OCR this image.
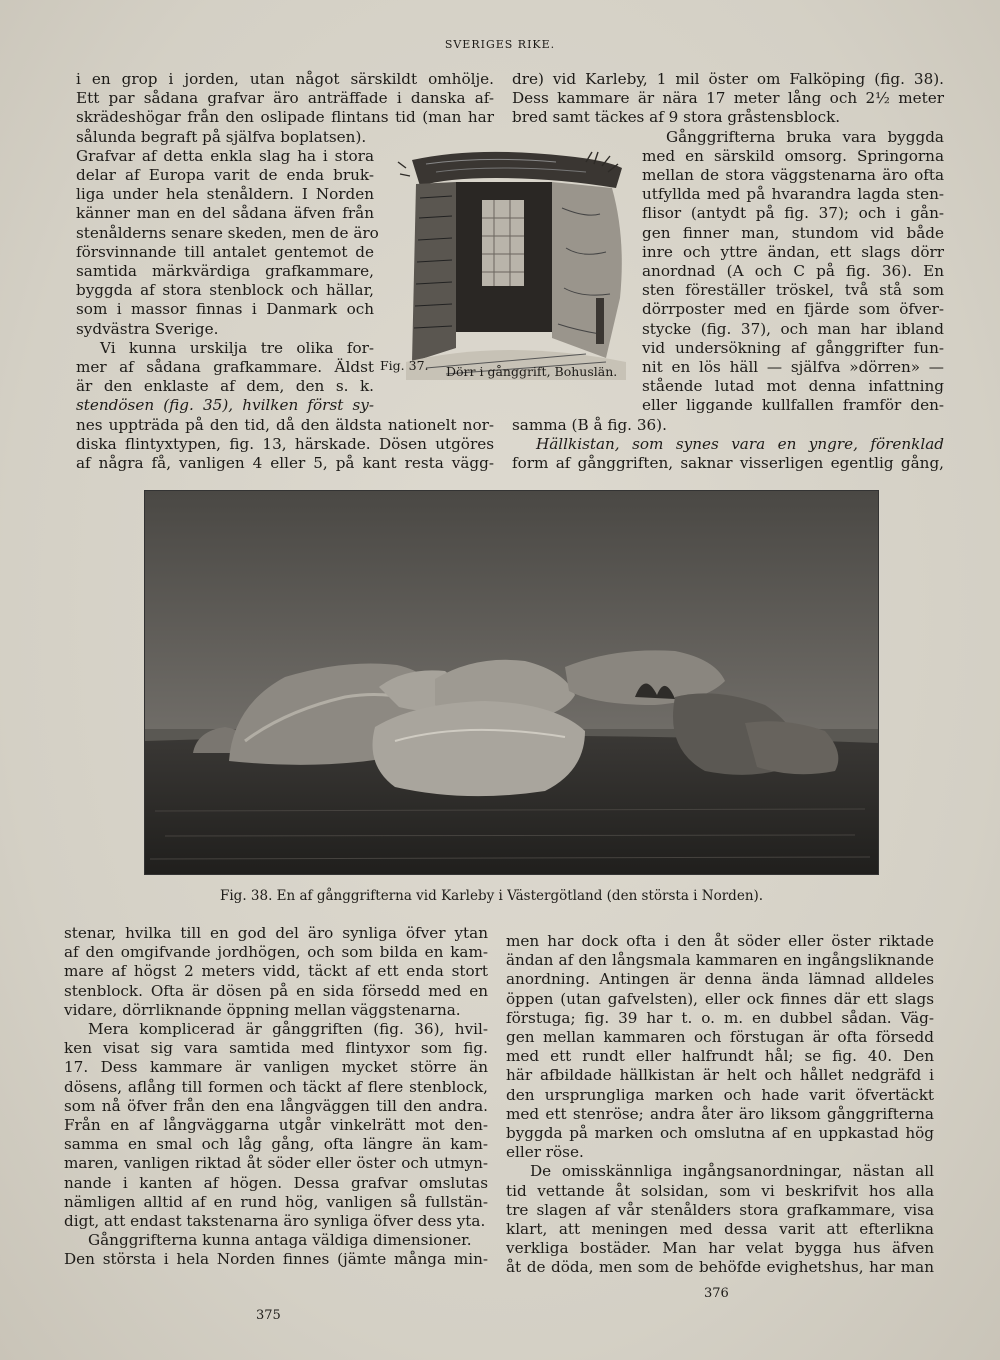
SVERIGES RIKE.

i en grop i jorden, utan något särskildt omhölje.

Ett par sådana grafvar äro anträffade i danska af-

skrädeshögar från den oslipade flintans tid (man har

sålunda begraft på själfva boplatsen).

Grafvar af detta enkla slag ha i stora

delar af Europa varit de enda bruk-

liga under hela stenåldern. I Norden

känner man en del sådana äfven från

stenålderns senare skeden, men de äro

försvinnande till antalet gentemot de

samtida märkvärdiga grafkammare,

byggda af stora stenblock och hällar,

som i massor finnas i Danmark och

sydvästra Sverige.

Vi kunna urskilja tre olika for-

mer af sådana grafkammare. Äldst

är den enklaste af dem, den s. k.

stendösen (fig. 35), hvilken först sy-

nes uppträda på den tid, då den äldsta nationelt nor-

diska flintyxtypen, fig. 13, härskade. Dösen utgöres

af några få, vanligen 4 eller 5, på kant resta vägg-

Fig. 37. Dörr i gånggrift, Bohuslän.

dre) vid Karleby, 1 mil öster om Falköping (fig. 38).

Dess kammare är nära 17 meter lång och 2½ meter

bred samt täckes af 9 stora gråstensblock.

Gånggrifterna bruka vara byggda

med en särskild omsorg. Springorna

mellan de stora väggstenarna äro ofta

utfyllda med på hvarandra lagda sten-

flisor (antydt på fig. 37); och i gån-

gen finner man, stundom vid både

inre och yttre ändan, ett slags dörr

anordnad (A och C på fig. 36). En

sten föreställer tröskel, två stå som

dörrposter med en fjärde som öfver-

stycke (fig. 37), och man har ibland

vid undersökning af gånggrifter fun-

nit en lös häll — själfva »dörren» —

stående lutad mot denna infattning

eller liggande kullfallen framför den-

samma (B å fig. 36).

Hällkistan, som synes vara en yngre, förenklad

form af gånggriften, saknar visserligen egentlig gång,

Fig. 38. En af gånggrifterna vid Karleby i Västergötland (den största i Norden).

stenar, hvilka till en god del äro synliga öfver ytan

af den omgifvande jordhögen, och som bilda en kam-

mare af högst 2 meters vidd, täckt af ett enda stort

stenblock. Ofta är dösen på en sida försedd med en

vidare, dörrliknande öppning mellan väggstenarna.

Mera komplicerad är gånggriften (fig. 36), hvil-

ken visat sig vara samtida med flintyxor som fig.

17. Dess kammare är vanligen mycket större än

dösens, aflång till formen och täckt af flere stenblock,

som nå öfver från den ena långväggen till den andra.

Från en af långväggarna utgår vinkelrätt mot den-

samma en smal och låg gång, ofta längre än kam-

maren, vanligen riktad åt söder eller öster och utmyn-

nande i kanten af högen. Dessa grafvar omslutas

nämligen alltid af en rund hög, vanligen så fullstän-

digt, att endast takstenarna äro synliga öfver dess yta.

Gånggrifterna kunna antaga väldiga dimensioner.

Den största i hela Norden finnes (jämte många min-

men har dock ofta i den åt söder eller öster riktade

ändan af den långsmala kammaren en ingångsliknande

anordning. Antingen är denna ända lämnad alldeles

öppen (utan gafvelsten), eller ock finnes där ett slags

förstuga; fig. 39 har t. o. m. en dubbel sådan. Väg-

gen mellan kammaren och förstugan är ofta försedd

med ett rundt eller halfrundt hål; se fig. 40. Den

här afbildade hällkistan är helt och hållet nedgräfd i

den ursprungliga marken och hade varit öfvertäckt

med ett stenröse; andra åter äro liksom gånggrifterna

byggda på marken och omslutna af en uppkastad hög

eller röse.

De omisskännliga ingångsanordningar, nästan all

tid vettande åt solsidan, som vi beskrifvit hos alla

tre slagen af vår stenålders stora grafkammare, visa

klart, att meningen med dessa varit att efterlikna

verkliga bostäder. Man har velat bygga hus äfven

åt de döda, men som de behöfde evighetshus, har man

375
376
